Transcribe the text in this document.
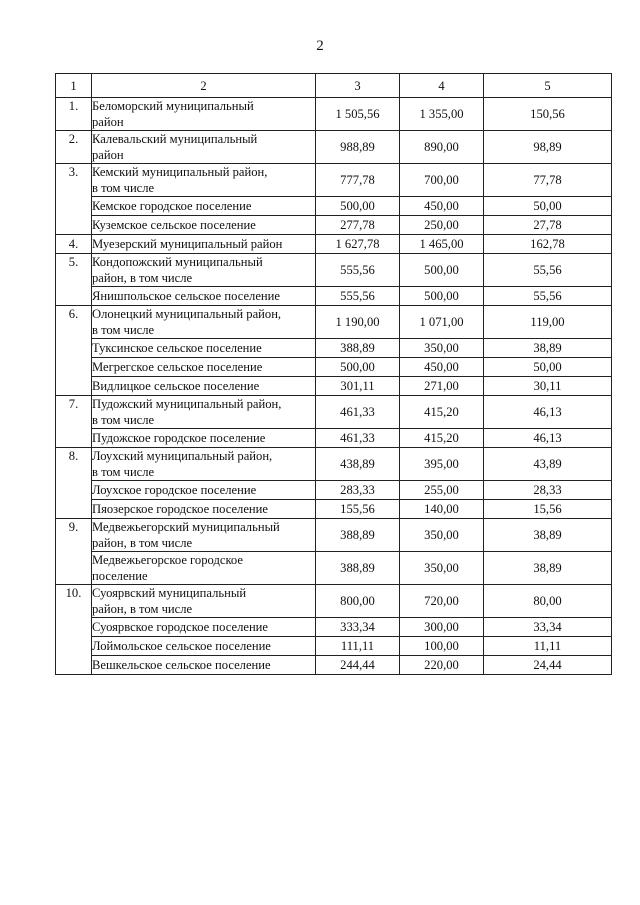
2
1	2	3	4	5
1.	Беломорский муниципальный
район	1 505,56	1 355,00	150,56
2.	Калевальский муниципальный
район	988,89	890,00	98,89
3.	Кемский муниципальный район,
в том числе	777,78	700,00	77,78
	Кемское городское поселение	500,00	450,00	50,00
	Куземское сельское поселение	277,78	250,00	27,78
4.	Муезерский муниципальный район	1 627,78	1 465,00	162,78
5.	Кондопожский муниципальный
район, в том числе	555,56	500,00	55,56
	Янишпольское сельское поселение	555,56	500,00	55,56
6.	Олонецкий муниципальный район,
в том числе	1 190,00	1 071,00	119,00
	Туксинское сельское поселение	388,89	350,00	38,89
	Мегрегское сельское поселение	500,00	450,00	50,00
	Видлицкое сельское поселение	301,11	271,00	30,11
7.	Пудожский муниципальный район,
в том числе	461,33	415,20	46,13
	Пудожское городское поселение	461,33	415,20	46,13
8.	Лоухский муниципальный район,
в том числе	438,89	395,00	43,89
	Лоухское городское поселение	283,33	255,00	28,33
	Пяозерское городское поселение	155,56	140,00	15,56
9.	Медвежьегорский муниципальный
район, в том числе	388,89	350,00	38,89
	Медвежьегорское городское
поселение	388,89	350,00	38,89
10.	Суоярвский муниципальный
район, в том числе	800,00	720,00	80,00
	Суоярвское городское поселение	333,34	300,00	33,34
	Лоймольское сельское поселение	111,11	100,00	11,11
	Вешкельское сельское поселение	244,44	220,00	24,44
